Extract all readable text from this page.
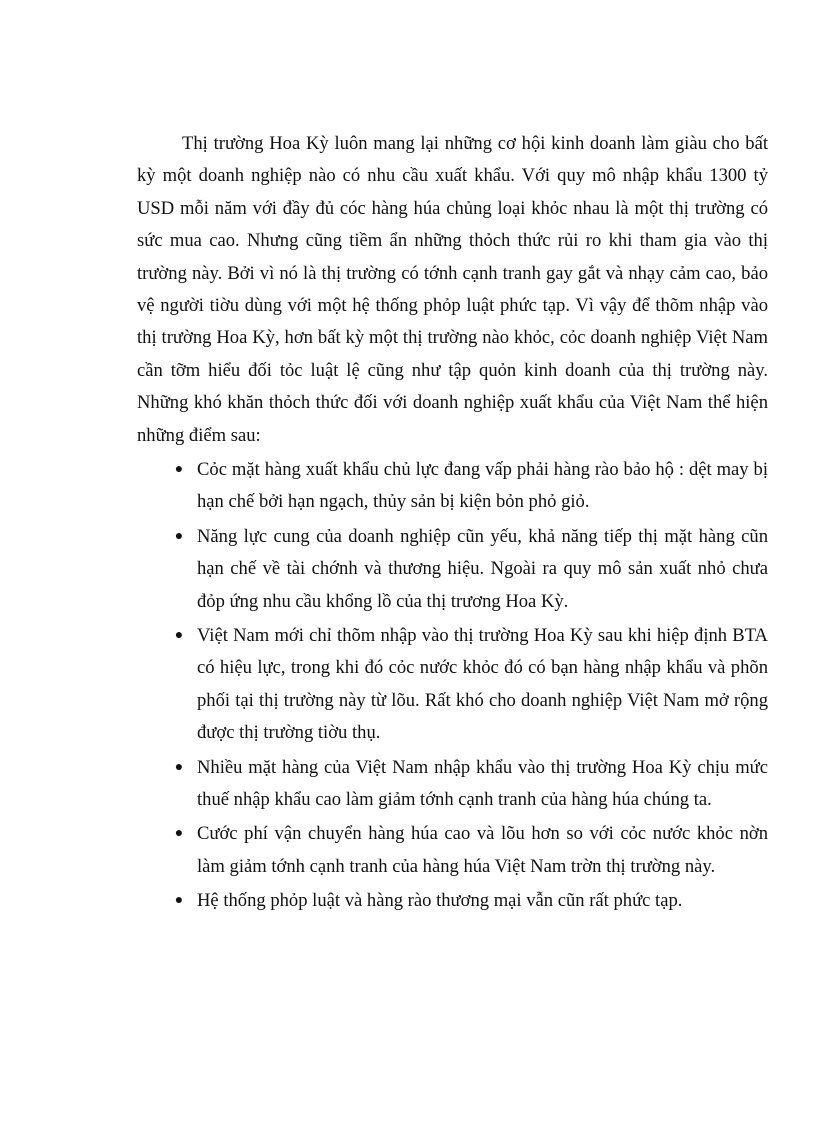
Thị trường Hoa Kỳ luôn mang lại những cơ hội kinh doanh làm giàu cho bất kỳ một doanh nghiệp nào có nhu cầu xuất khẩu. Với quy mô nhập khẩu 1300 tỷ USD mỗi năm với đầy đủ cóc hàng húa chủng loại khỏc nhau là một thị trường có sức mua cao. Nhưng cũng tiềm ẩn những thỏch thức rủi ro khi tham gia vào thị trường này. Bởi vì nó là thị trường có tớnh cạnh tranh gay gắt và nhạy cảm cao, bảo vệ người tiờu dùng với một hệ thống phỏp luật phức tạp. Vì vậy để thõm nhập vào thị trường Hoa Kỳ, hơn bất kỳ một thị trường nào khỏc, cỏc doanh nghiệp Việt Nam cần tỡm hiểu đối tỏc luật lệ cũng như tập quỏn kinh doanh của thị trường này. Những khó khăn thỏch thức đối với doanh nghiệp xuất khẩu của Việt Nam thể hiện những điểm sau:

● Cỏc mặt hàng xuất khẩu chủ lực đang vấp phải hàng rào bảo hộ : dệt may bị hạn chế bởi hạn ngạch, thủy sản bị kiện bỏn phỏ giỏ.
● Năng lực cung của doanh nghiệp cũn yếu, khả năng tiếp thị mặt hàng cũn hạn chế về tài chớnh và thương hiệu. Ngoài ra quy mô sản xuất nhỏ chưa đỏp ứng nhu cầu khổng lồ của thị trương Hoa Kỳ.
● Việt Nam mới chỉ thõm nhập vào thị trường Hoa Kỳ sau khi hiệp định BTA có hiệu lực, trong khi đó cỏc nước khỏc đó có bạn hàng nhập khẩu và phõn phối tại thị trường này từ lõu. Rất khó cho doanh nghiệp Việt Nam mở rộng được thị trường tiờu thụ.
● Nhiều mặt hàng của Việt Nam nhập khẩu vào thị trường Hoa Kỳ chịu mức thuế nhập khẩu cao làm giảm tớnh cạnh tranh của hàng húa chúng ta.
● Cước phí vận chuyển hàng húa cao và lõu hơn so với cỏc nước khỏc nờn làm giảm tớnh cạnh tranh của hàng húa Việt Nam trờn thị trường này.
● Hệ thống phỏp luật và hàng rào thương mại vẫn cũn rất phức tạp.
